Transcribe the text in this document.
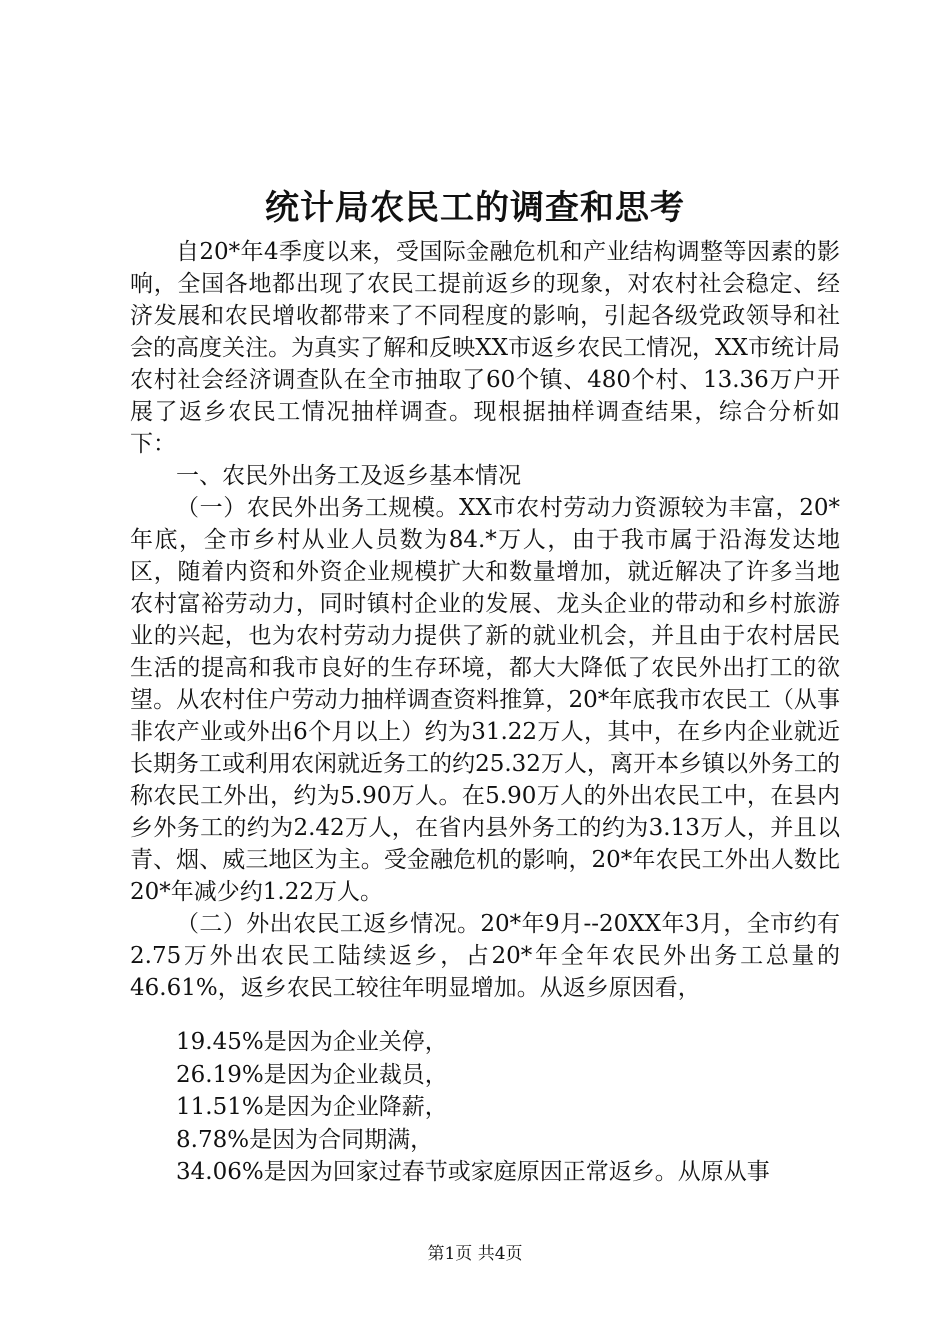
统计局农民工的调查和思考

自20*年4季度以来，受国际金融危机和产业结构调整等因素的影响，全国各地都出现了农民工提前返乡的现象，对农村社会稳定、经济发展和农民增收都带来了不同程度的影响，引起各级党政领导和社会的高度关注。为真实了解和反映XX市返乡农民工情况，XX市统计局农村社会经济调查队在全市抽取了60个镇、480个村、13.36万户开展了返乡农民工情况抽样调查。现根据抽样调查结果，综合分析如下：

一、农民外出务工及返乡基本情况

（一）农民外出务工规模。XX市农村劳动力资源较为丰富，20*年底，全市乡村从业人员数为84.*万人，由于我市属于沿海发达地区，随着内资和外资企业规模扩大和数量增加，就近解决了许多当地农村富裕劳动力，同时镇村企业的发展、龙头企业的带动和乡村旅游业的兴起，也为农村劳动力提供了新的就业机会，并且由于农村居民生活的提高和我市良好的生存环境，都大大降低了农民外出打工的欲望。从农村住户劳动力抽样调查资料推算，20*年底我市农民工（从事非农产业或外出6个月以上）约为31.22万人，其中，在乡内企业就近长期务工或利用农闲就近务工的约25.32万人，离开本乡镇以外务工的称农民工外出，约为5.90万人。在5.90万人的外出农民工中，在县内乡外务工的约为2.42万人，在省内县外务工的约为3.13万人，并且以青、烟、威三地区为主。受金融危机的影响，20*年农民工外出人数比20*年减少约1.22万人。

（二）外出农民工返乡情况。20*年9月--20XX年3月，全市约有2.75万外出农民工陆续返乡，占20*年全年农民外出务工总量的46.61%，返乡农民工较往年明显增加。从返乡原因看，

19.45%是因为企业关停，
26.19%是因为企业裁员，
11.51%是因为企业降薪，
8.78%是因为合同期满，
34.06%是因为回家过春节或家庭原因正常返乡。从原从事
第1页 共4页
